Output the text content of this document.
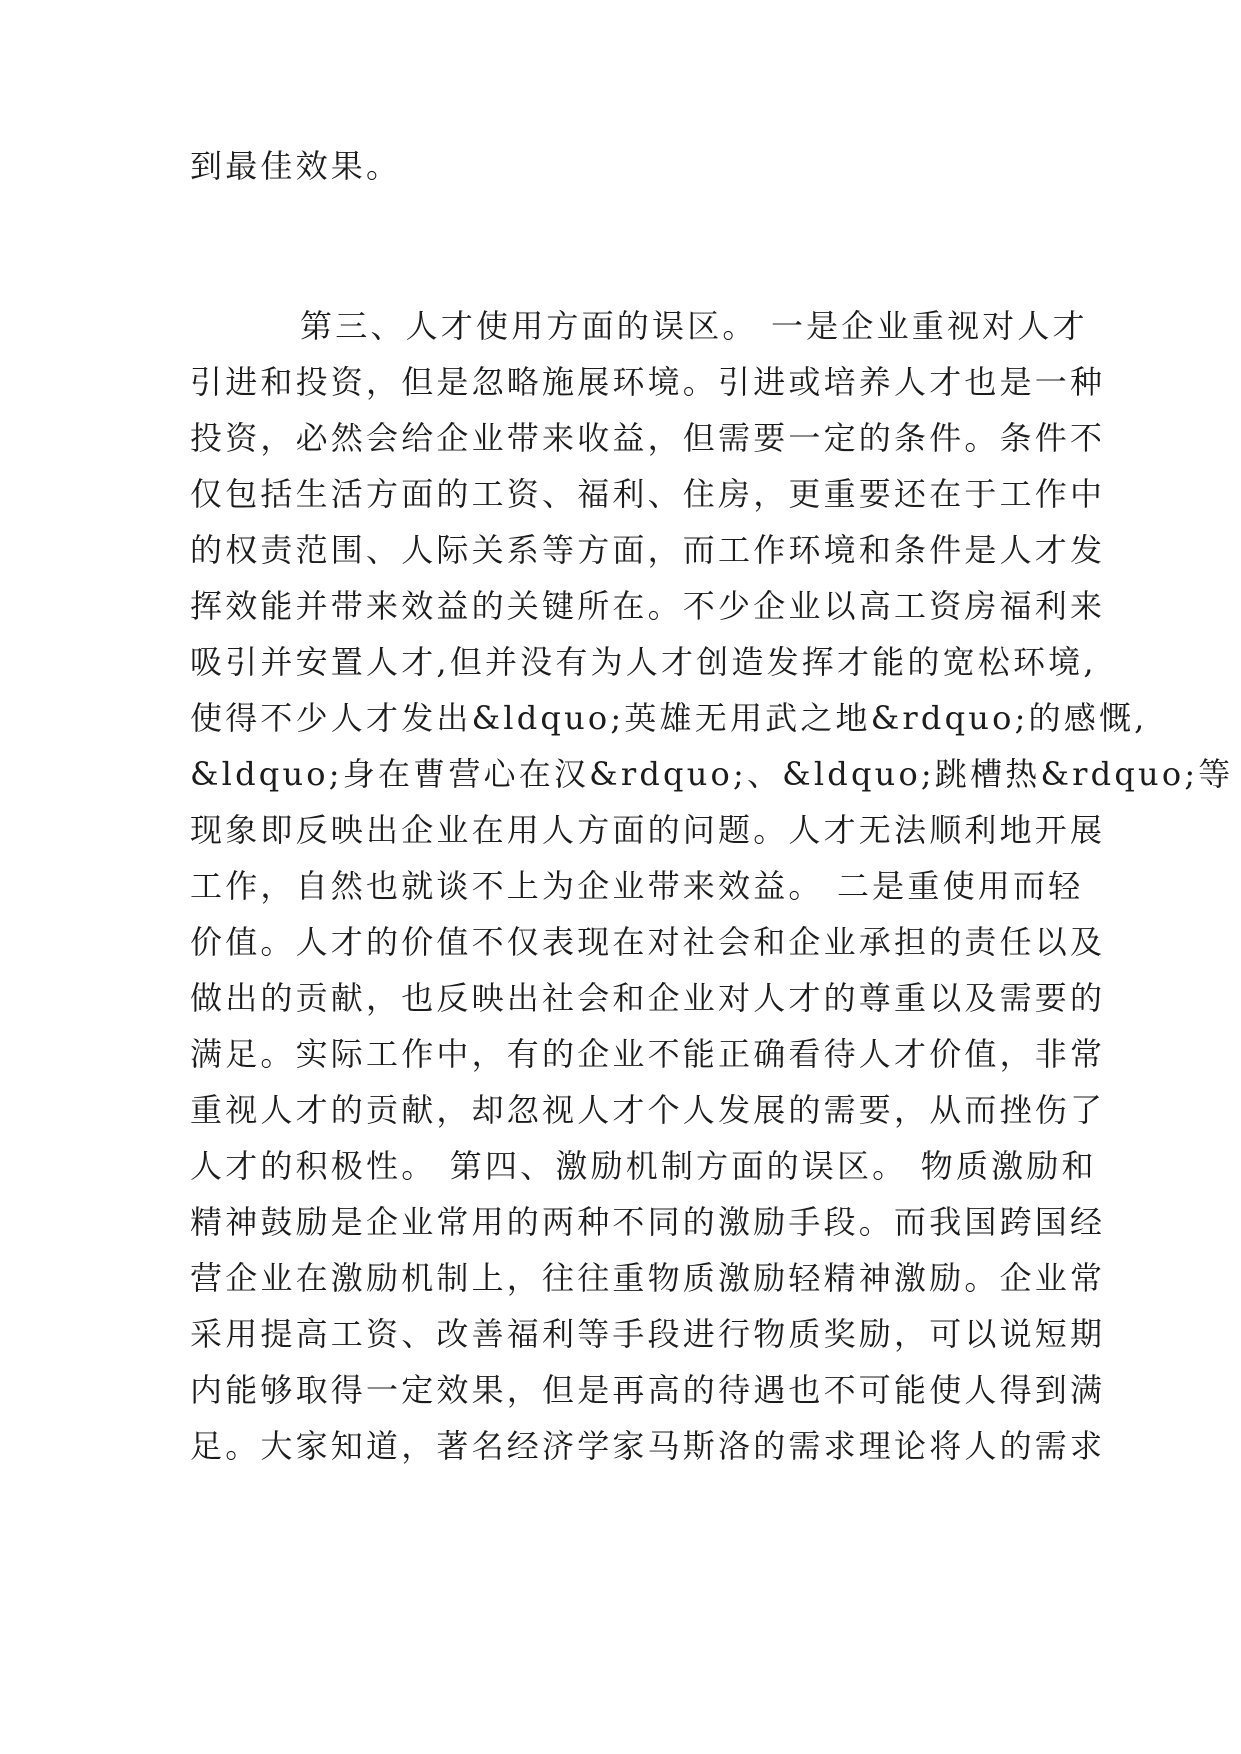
到最佳效果。
第三、人才使用方面的误区。 一是企业重视对人才
引进和投资，但是忽略施展环境。引进或培养人才也是一种
投资，必然会给企业带来收益，但需要一定的条件。条件不
仅包括生活方面的工资、福利、住房，更重要还在于工作中
的权责范围、人际关系等方面，而工作环境和条件是人才发
挥效能并带来效益的关键所在。不少企业以高工资房福利来
吸引并安置人才,但并没有为人才创造发挥才能的宽松环境,
使得不少人才发出&ldquo;英雄无用武之地&rdquo;的感慨,
&ldquo;身在曹营心在汉&rdquo;、&ldquo;跳槽热&rdquo;等
现象即反映出企业在用人方面的问题。人才无法顺利地开展
工作，自然也就谈不上为企业带来效益。 二是重使用而轻
价值。人才的价值不仅表现在对社会和企业承担的责任以及
做出的贡献，也反映出社会和企业对人才的尊重以及需要的
满足。实际工作中，有的企业不能正确看待人才价值，非常
重视人才的贡献，却忽视人才个人发展的需要，从而挫伤了
人才的积极性。 第四、激励机制方面的误区。 物质激励和
精神鼓励是企业常用的两种不同的激励手段。而我国跨国经
营企业在激励机制上，往往重物质激励轻精神激励。企业常
采用提高工资、改善福利等手段进行物质奖励，可以说短期
内能够取得一定效果，但是再高的待遇也不可能使人得到满
足。大家知道，著名经济学家马斯洛的需求理论将人的需求
